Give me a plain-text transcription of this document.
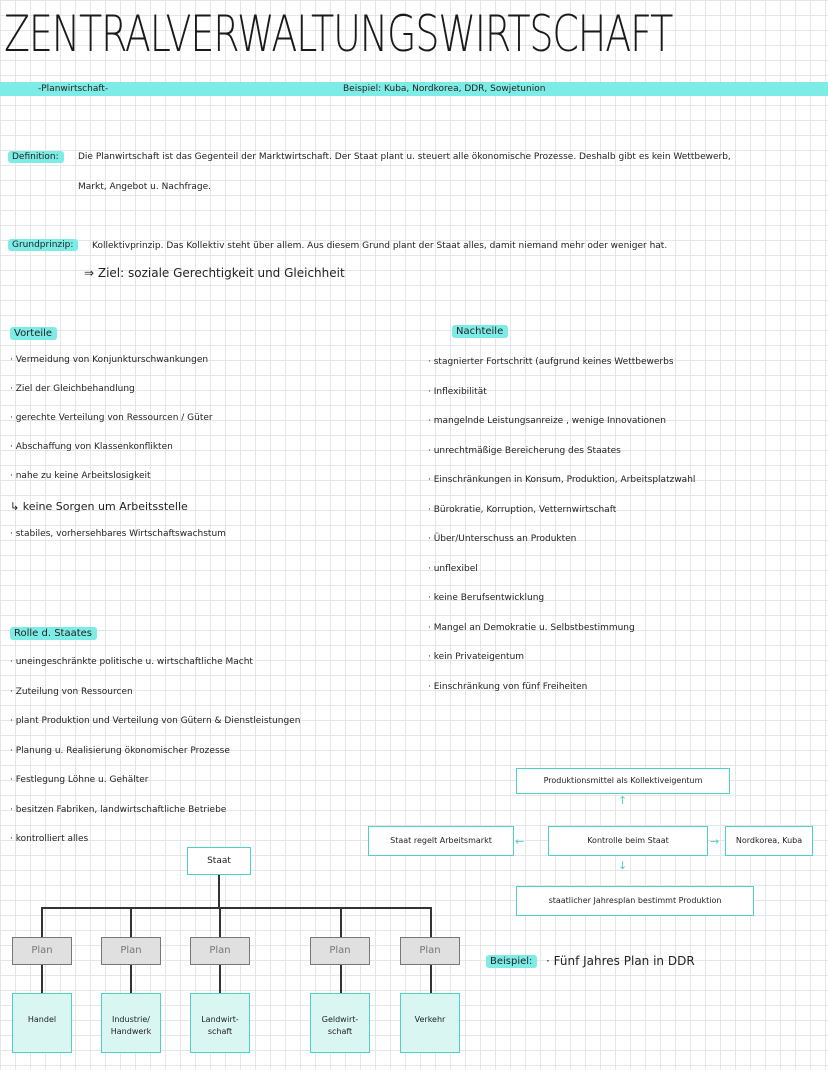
ZENTRALVERWALTUNGSWIRTSCHAFT
-Planwirtschaft-	Beispiel: Kuba, Nordkorea, DDR, Sowjetunion
Definition:	Die Planwirtschaft ist das Gegenteil der Marktwirtschaft. Der Staat plant u. steuert alle ökonomische Prozesse. Deshalb gibt es kein Wettbewerb,
Markt, Angebot u. Nachfrage.
Grundprinzip:	Kollektivprinzip. Das Kollektiv steht über allem. Aus diesem Grund plant der Staat alles, damit niemand mehr oder weniger hat.
⇒ Ziel: soziale Gerechtigkeit und Gleichheit
Vorteile
· Vermeidung von Konjunkturschwankungen
· Ziel der Gleichbehandlung
· gerechte Verteilung von Ressourcen / Güter
· Abschaffung von Klassenkonflikten
· nahe zu keine Arbeitslosigkeit
↳ keine Sorgen um Arbeitsstelle
· stabiles, vorhersehbares Wirtschaftswachstum
Nachteile
· stagnierter Fortschritt (aufgrund keines Wettbewerbs
· Inflexibilität
· mangelnde Leistungsanreize , wenige Innovationen
· unrechtmäßige Bereicherung des Staates
· Einschränkungen in Konsum, Produktion, Arbeitsplatzwahl
· Bürokratie, Korruption, Vetternwirtschaft
· Über/Unterschuss an Produkten
· unflexibel
· keine Berufsentwicklung
· Mangel an Demokratie u. Selbstbestimmung
· kein Privateigentum
· Einschränkung von fünf Freiheiten
Rolle d. Staates
· uneingeschränkte politische u. wirtschaftliche Macht
· Zuteilung von Ressourcen
· plant Produktion und Verteilung von Gütern & Dienstleistungen
· Planung u. Realisierung ökonomischer Prozesse
· Festlegung Löhne u. Gehälter
· besitzen Fabriken, landwirtschaftliche Betriebe
· kontrolliert alles
Produktionsmittel als Kollektiveigentum
↑
Staat regelt Arbeitsmarkt	←	Kontrolle beim Staat	→	Nordkorea, Kuba
↓
staatlicher Jahresplan bestimmt Produktion
Staat
Plan	Plan	Plan	Plan	Plan
Handel	Industrie/
Handwerk
Landwirt-
schaft
Geldwirt-
schaft
Verkehr
Beispiel:	· Fünf Jahres Plan in DDR
